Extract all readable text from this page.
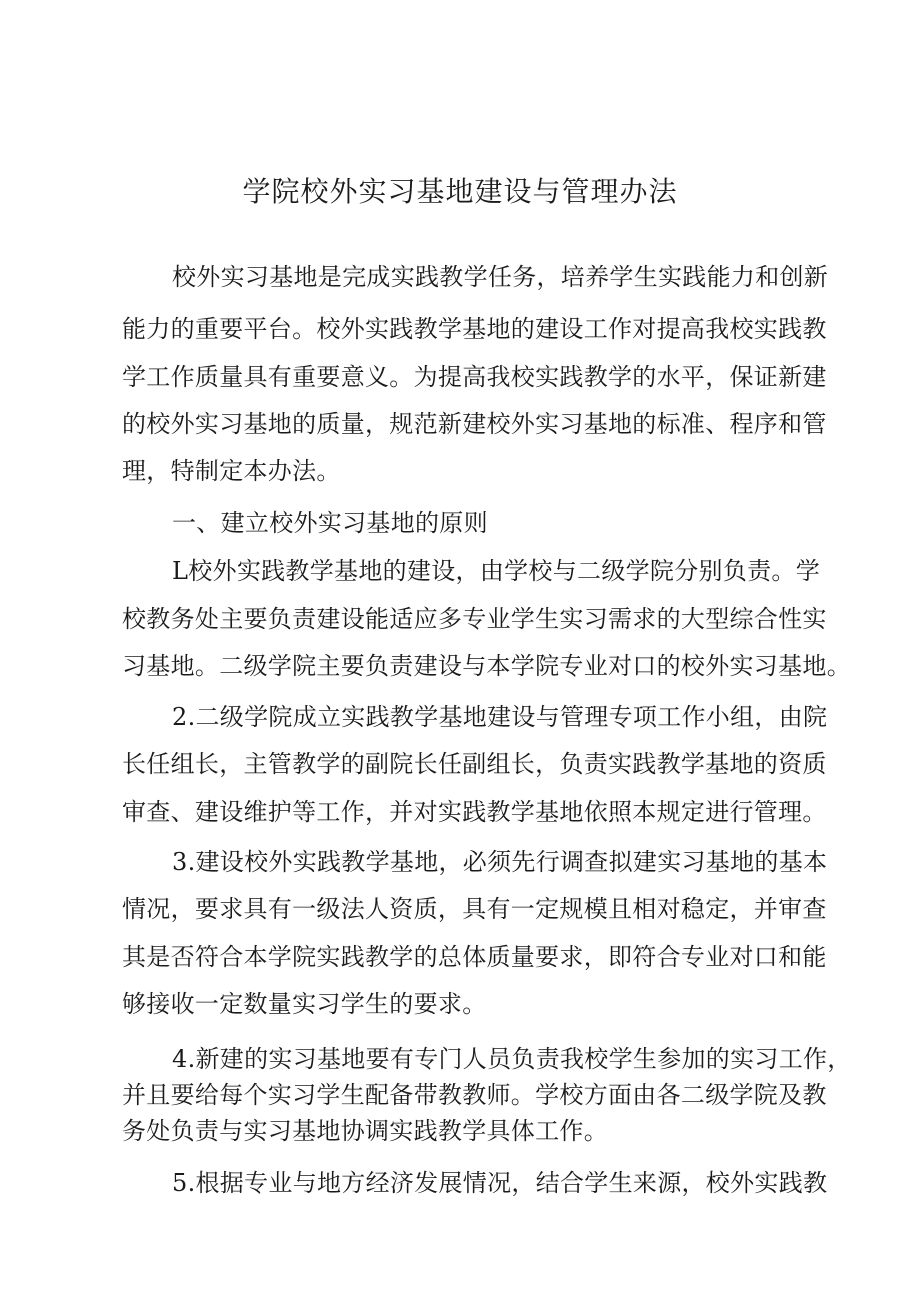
学院校外实习基地建设与管理办法
校外实习基地是完成实践教学任务，培养学生实践能力和创新
能力的重要平台。校外实践教学基地的建设工作对提高我校实践教
学工作质量具有重要意义。为提高我校实践教学的水平，保证新建
的校外实习基地的质量，规范新建校外实习基地的标准、程序和管
理，特制定本办法。
一、建立校外实习基地的原则
L校外实践教学基地的建设，由学校与二级学院分别负责。学
校教务处主要负责建设能适应多专业学生实习需求的大型综合性实
习基地。二级学院主要负责建设与本学院专业对口的校外实习基地。
2.二级学院成立实践教学基地建设与管理专项工作小组，由院
长任组长，主管教学的副院长任副组长，负责实践教学基地的资质
审查、建设维护等工作，并对实践教学基地依照本规定进行管理。
3.建设校外实践教学基地，必须先行调查拟建实习基地的基本
情况，要求具有一级法人资质，具有一定规模且相对稳定，并审查
其是否符合本学院实践教学的总体质量要求，即符合专业对口和能
够接收一定数量实习学生的要求。
4.新建的实习基地要有专门人员负责我校学生参加的实习工作，
并且要给每个实习学生配备带教教师。学校方面由各二级学院及教
务处负责与实习基地协调实践教学具体工作。
5.根据专业与地方经济发展情况，结合学生来源，校外实践教
